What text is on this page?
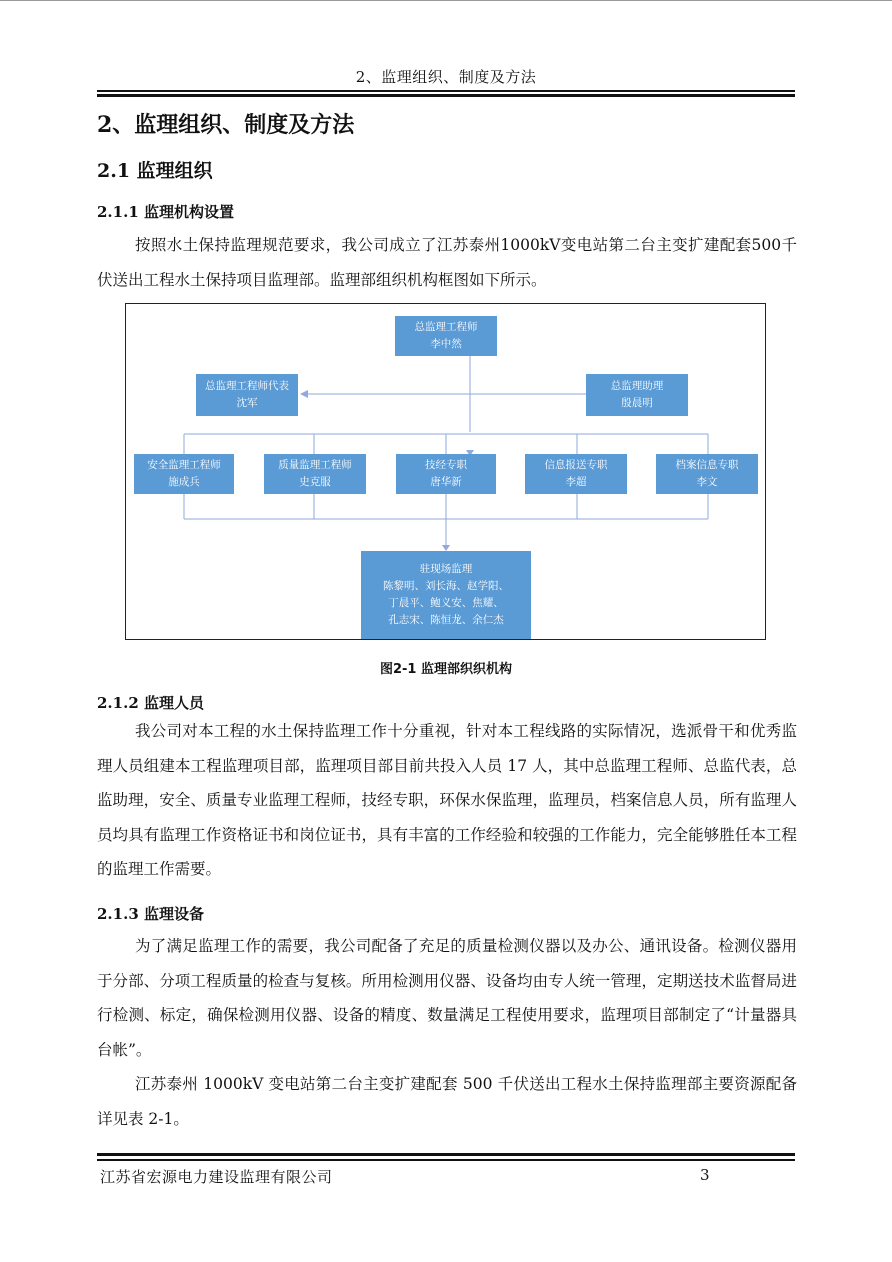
2、监理组织、制度及方法
2、监理组织、制度及方法
2.1 监理组织
2.1.1 监理机构设置

按照水土保持监理规范要求，我公司成立了江苏泰州1000kV变电站第二台主变扩建配套500千伏送出工程水土保持项目监理部。监理部组织机构框图如下所示。

总监理工程师
李中然
总监理工程师代表
沈军
总监理助理
殷晨明
安全监理工程师
施成兵
质量监理工程师
史克服
技经专职
唐华新
信息报送专职
李超
档案信息专职
李文
驻现场监理
陈黎明、刘长海、赵学阳、
丁晨平、鲍义安、焦耀、
孔志宋、陈恒龙、余仁杰
图2-1 监理部织织机构
2.1.2 监理人员

我公司对本工程的水土保持监理工作十分重视，针对本工程线路的实际情况，选派骨干和优秀监理人员组建本工程监理项目部，监理项目部目前共投入人员 17 人，其中总监理工程师、总监代表，总监助理，安全、质量专业监理工程师，技经专职，环保水保监理，监理员，档案信息人员，所有监理人员均具有监理工作资格证书和岗位证书，具有丰富的工作经验和较强的工作能力，完全能够胜任本工程的监理工作需要。

2.1.3 监理设备

为了满足监理工作的需要，我公司配备了充足的质量检测仪器以及办公、通讯设备。检测仪器用于分部、分项工程质量的检查与复核。所用检测用仪器、设备均由专人统一管理，定期送技术监督局进行检测、标定，确保检测用仪器、设备的精度、数量满足工程使用要求，监理项目部制定了“计量器具台帐”。

江苏泰州 1000kV 变电站第二台主变扩建配套 500 千伏送出工程水土保持监理部主要资源配备详见表 2-1。

江苏省宏源电力建设监理有限公司	3
